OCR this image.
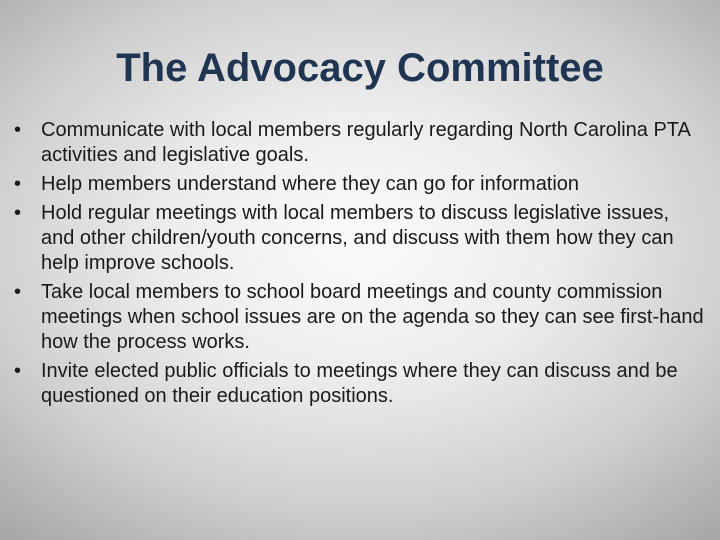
The Advocacy Committee
• Communicate with local members regularly regarding North Carolina PTA activities and legislative goals.
• Help members understand where they can go for information
• Hold regular meetings with local members to discuss legislative issues, and other children/youth concerns, and discuss with them how they can help improve schools.
• Take local members to school board meetings and county commission meetings when school issues are on the agenda so they can see first-hand how the process works.
• Invite elected public officials to meetings where they can discuss and be questioned on their education positions.
